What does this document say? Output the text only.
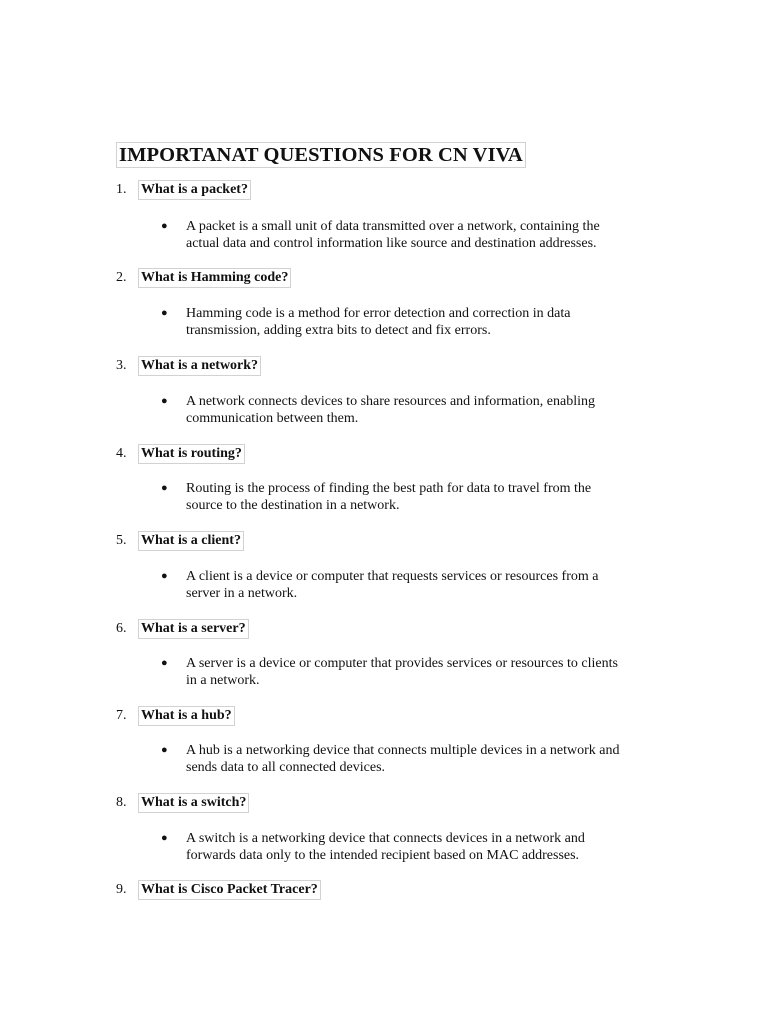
IMPORTANAT QUESTIONS FOR CN VIVA
1. What is a packet?
● A packet is a small unit of data transmitted over a network, containing the
actual data and control information like source and destination addresses.
2. What is Hamming code?
● Hamming code is a method for error detection and correction in data
transmission, adding extra bits to detect and fix errors.
3. What is a network?
● A network connects devices to share resources and information, enabling
communication between them.
4. What is routing?
● Routing is the process of finding the best path for data to travel from the
source to the destination in a network.
5. What is a client?
● A client is a device or computer that requests services or resources from a
server in a network.
6. What is a server?
● A server is a device or computer that provides services or resources to clients
in a network.
7. What is a hub?
● A hub is a networking device that connects multiple devices in a network and
sends data to all connected devices.
8. What is a switch?
● A switch is a networking device that connects devices in a network and
forwards data only to the intended recipient based on MAC addresses.
9. What is Cisco Packet Tracer?
